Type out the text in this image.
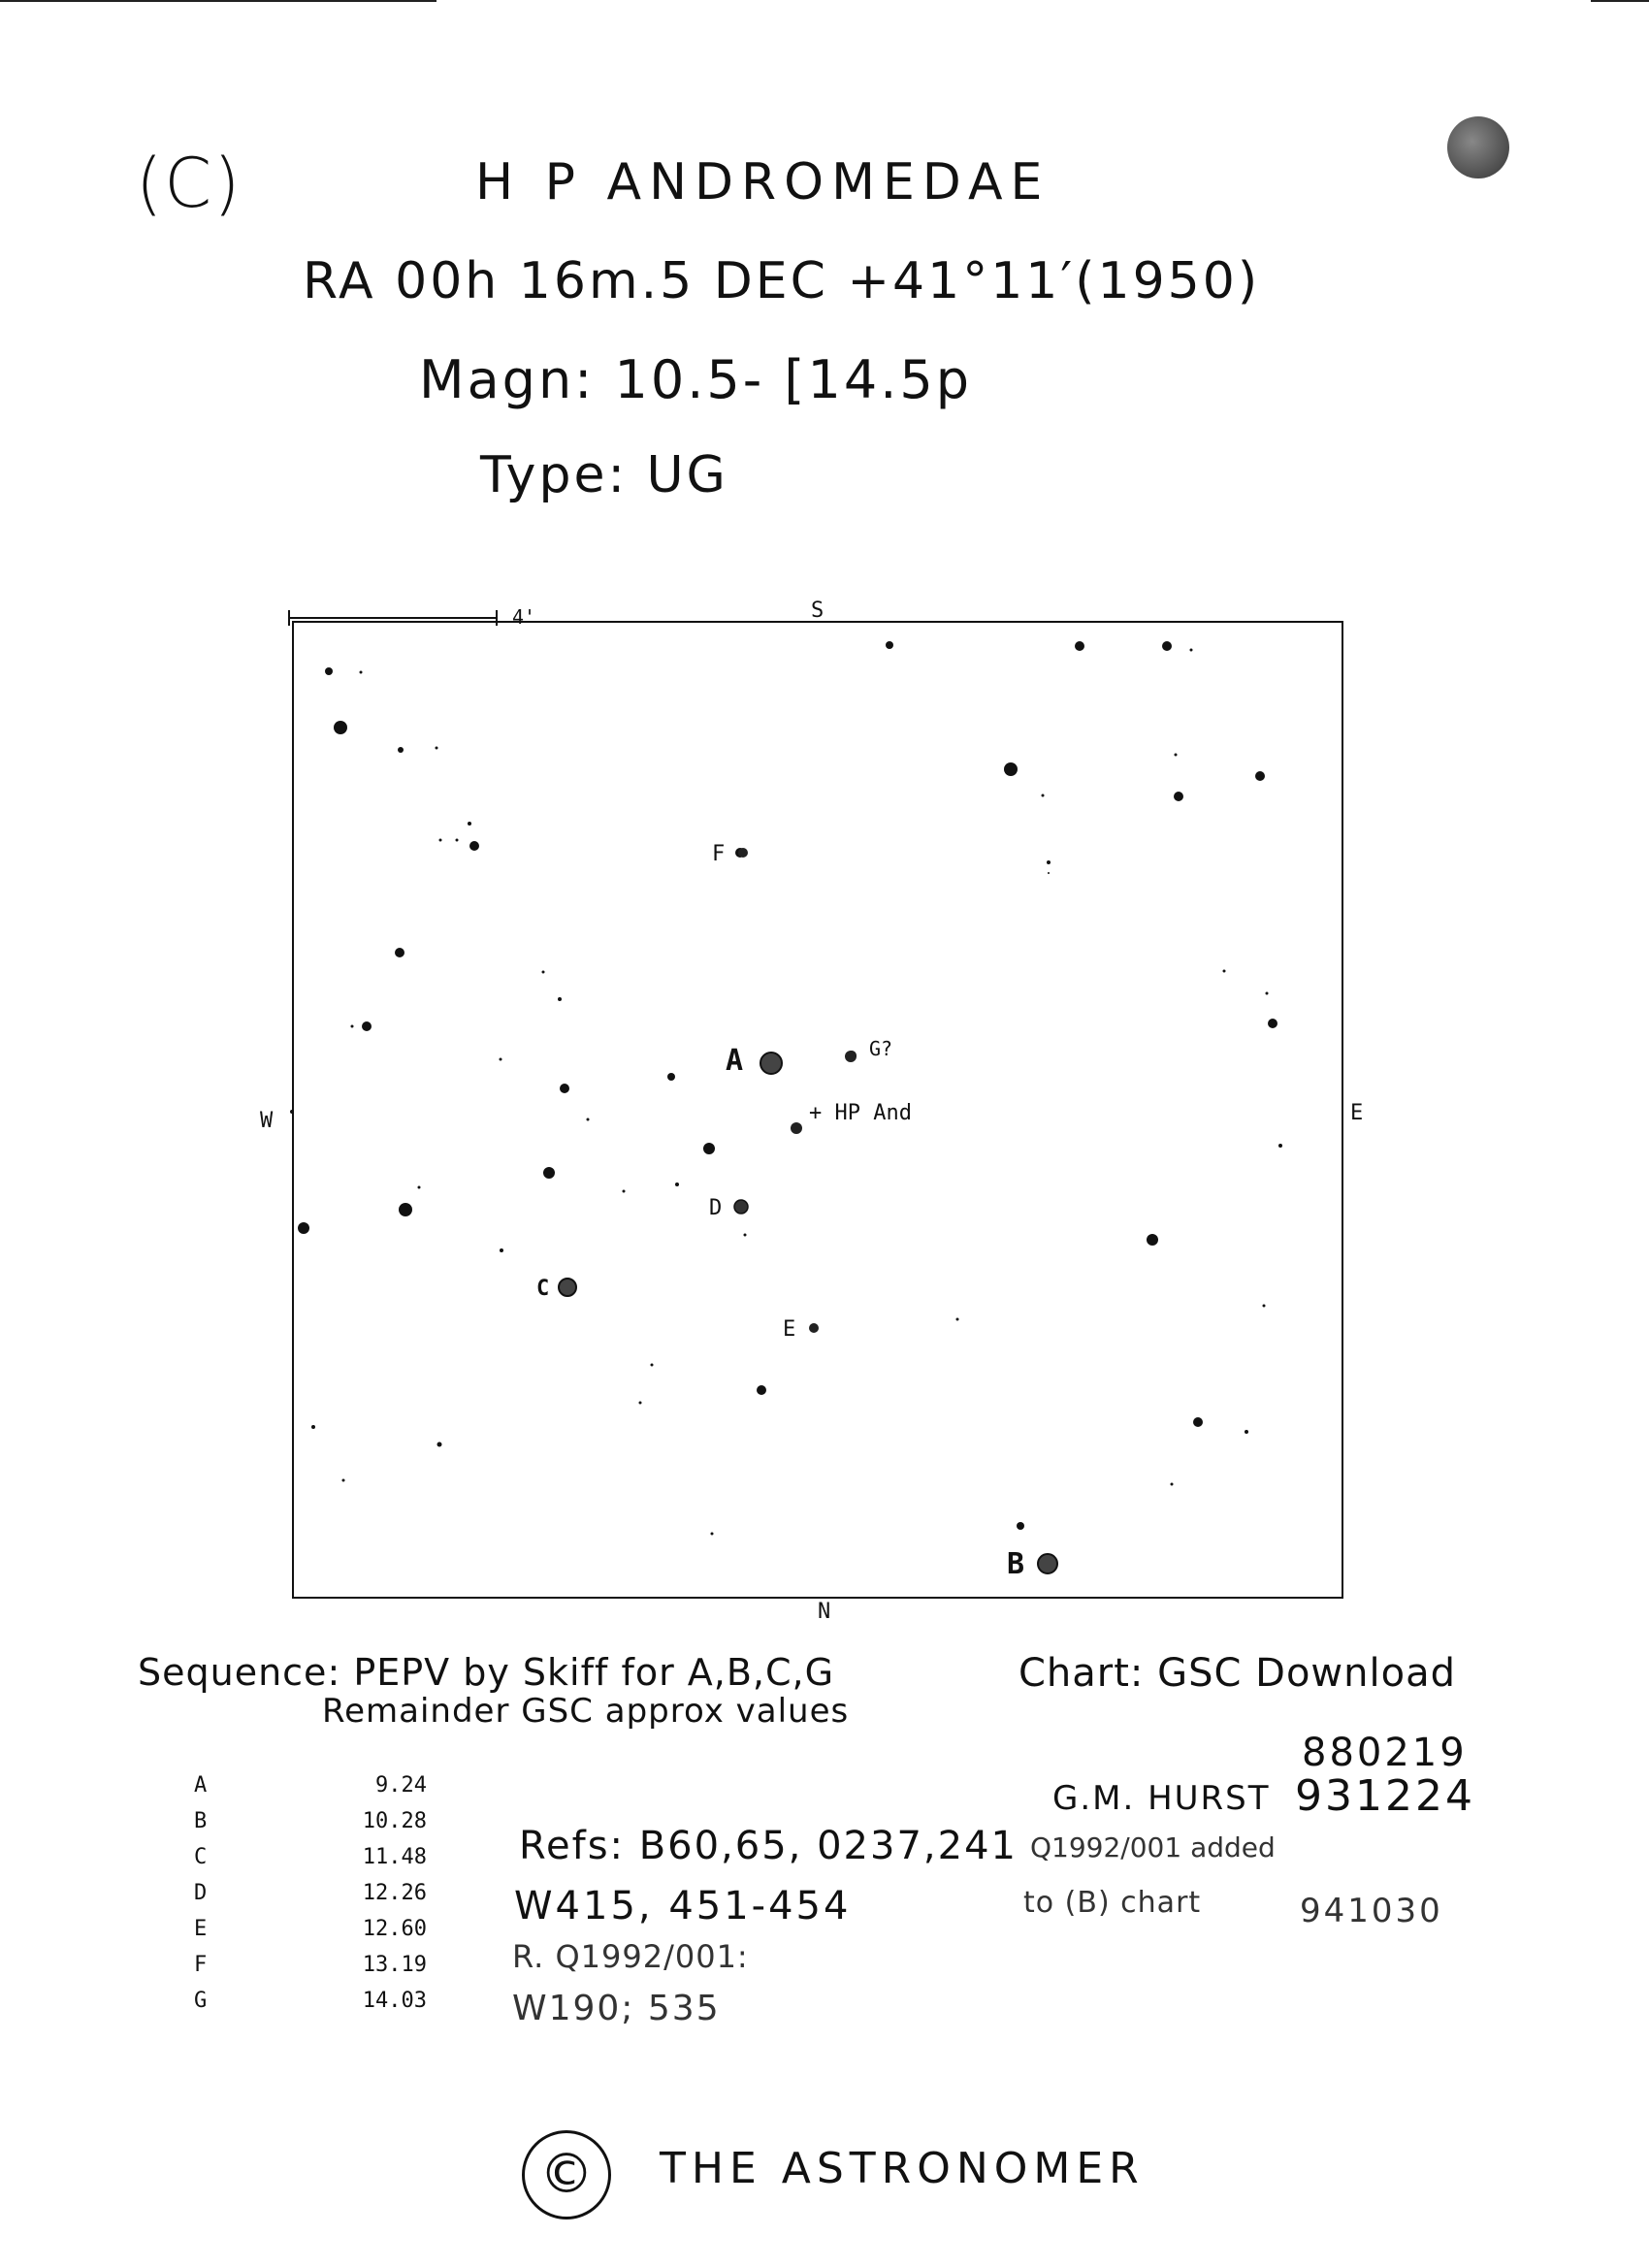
(C)	H P ANDROMEDAE
RA 00h 16m.5 DEC +41°11′(1950)
Magn: 10.5- [14.5p
Type: UG
4'	S
N
E
W
A
B
C
D
E
F
G?
+ HP And
Sequence: PEPV by Skiff for A,B,C,G
Remainder GSC approx values
Chart: GSC Download
880219
G.M. HURST 931224
Q1992/001 added
to (B) chart	941030
Refs: B60,65, 0237,241
W415, 451-454
R. Q1992/001:
W190; 535
A	9.24
B	10.28
C	11.48
D	12.26
E	12.60
F	13.19
G	14.03
©	THE ASTRONOMER
